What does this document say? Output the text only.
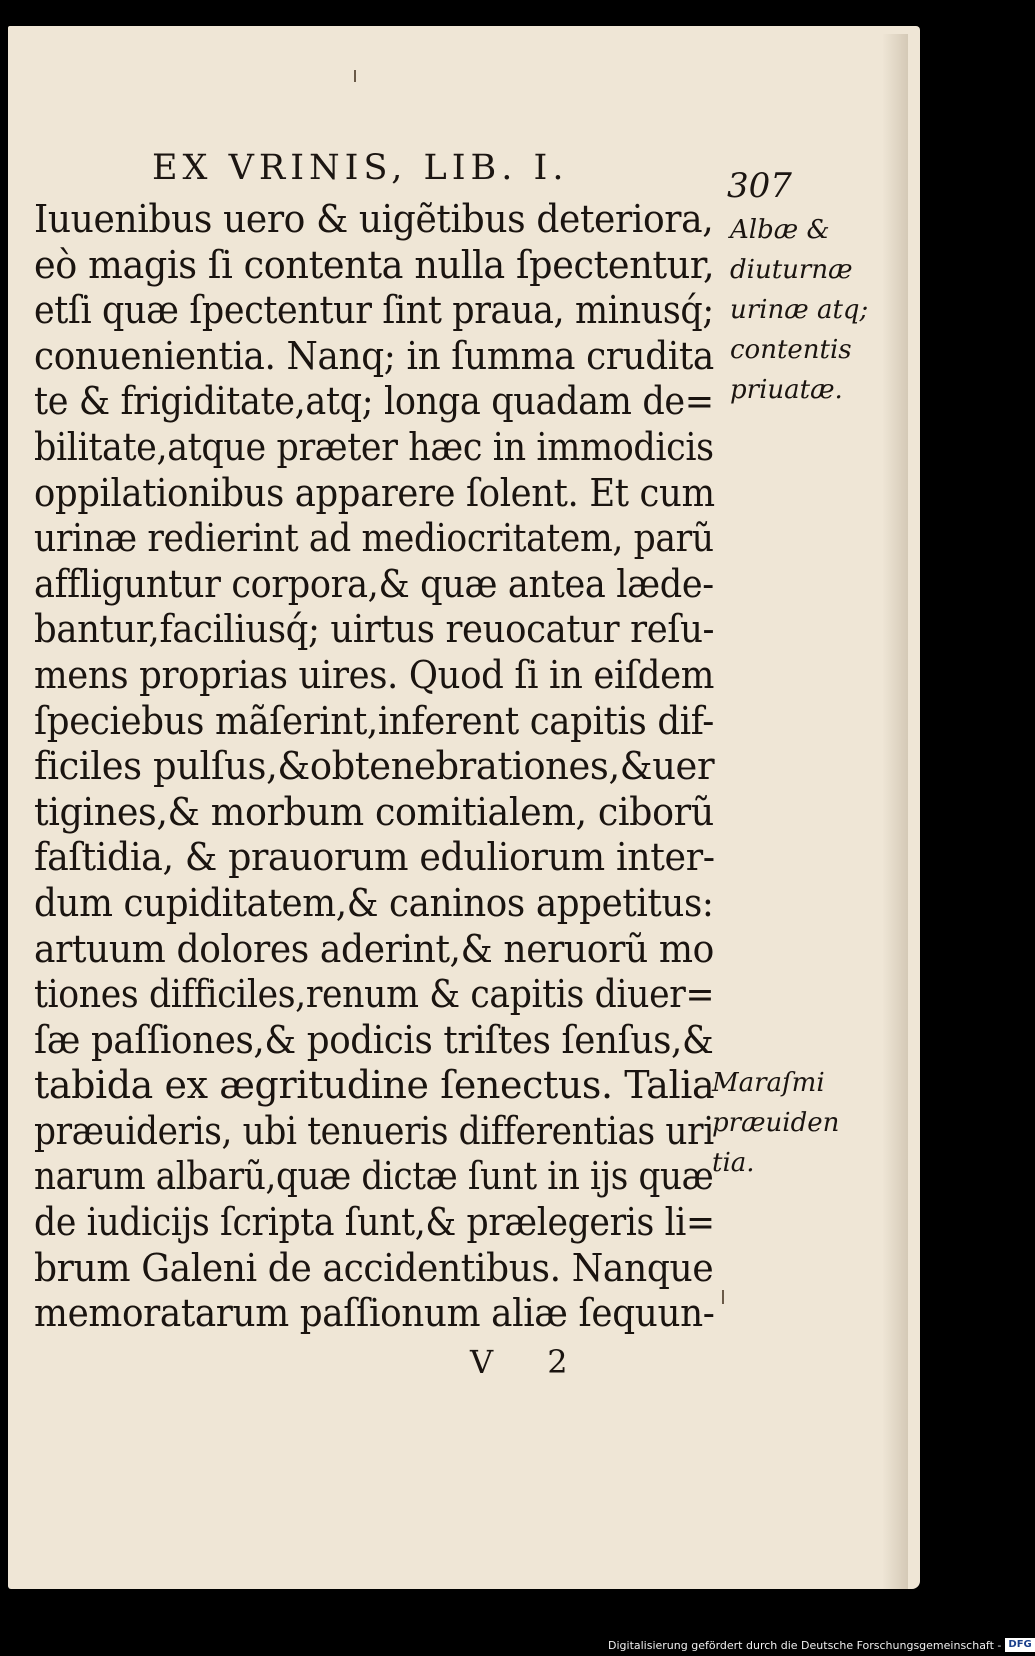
EX VRINIS, LIB. I.	307
Iuuenibus uero & uigẽtibus deteriora,
eò magis ſi contenta nulla ſpectentur,
etſi quæ ſpectentur ſint praua, minusq́;
conuenientia. Nanq; in ſumma crudita
te & frigiditate,atq; longa quadam de=
bilitate,atque præter hæc in immodicis
oppilationibus apparere ſolent. Et cum
urinæ redierint ad mediocritatem, parũ
affliguntur corpora,& quæ antea læde-
bantur,faciliusq́; uirtus reuocatur reſu-
mens proprias uires. Quod ſi in eiſdem
ſpeciebus mãſerint,inferent capitis dif-
ficiles pulſus,&obtenebrationes,&uer
tigines,& morbum comitialem, ciborũ
faſtidia, & prauorum eduliorum inter-
dum cupiditatem,& caninos appetitus:
artuum dolores aderint,& neruorũ mo
tiones difficiles,renum & capitis diuer=
ſæ paſſiones,& podicis triſtes ſenſus,&
tabida ex ægritudine ſenectus. Talia
præuideris, ubi tenueris differentias uri
narum albarũ,quæ dictæ ſunt in ijs quæ
de iudicijs ſcripta ſunt,& prælegeris li=
brum Galeni de accidentibus. Nanque
memoratarum paſſionum aliæ ſequun-
Albæ &
diuturnæ
urinæ atq;
contentis
priuatæ.
Maraſmi
præuiden
tia.
V 2
Digitalisierung gefördert durch die Deutsche Forschungsgemeinschaft - DFG
